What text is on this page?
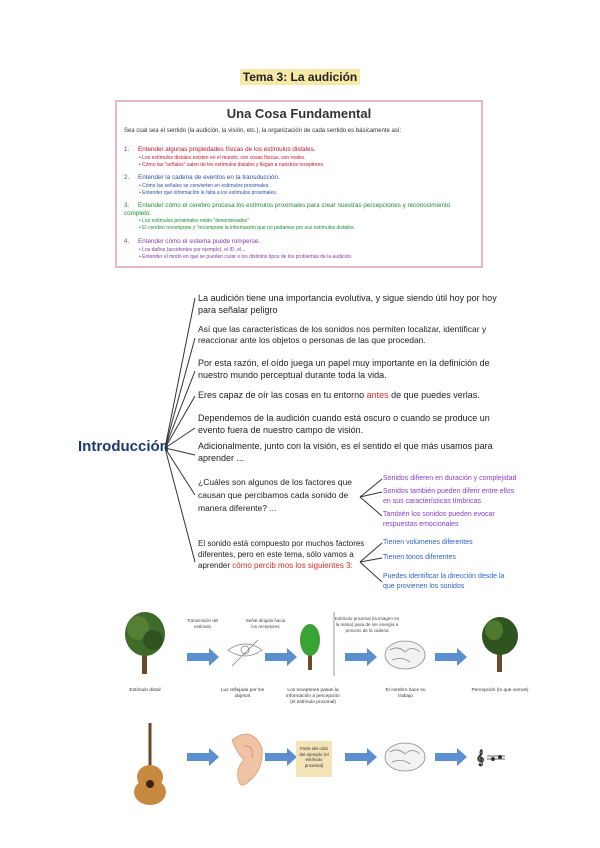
Tema 3: La audición
Una Cosa Fundamental
Sea cual sea el sentido (la audición, la visión, etc.), la organización de cada sentido es básicamente así:
1. Entender algunas propiedades físicas de los estímulos distales.
• Los estímulos distales existen en el mundo, son cosas físicas, son reales.
• Cómo las "señales" salen de los estímulos distales y llegan a nuestros receptores.
2. Entender la cadena de eventos en la transducción.
• Cómo las señales se convierten en estímulos proximales.
• Entender qué información le falta a los estímulos proximales.
3. Entender cómo el cerebro procesa los estímulos proximales para crear nuestras percepciones y reconocimiento completo.
• Los estímulos proximales están "desordenados"
• El cerebro recompone y "recompone la información que no podamos por sus estímulos distales.
4. Entender cómo el sistema puede romperse.
• Los daños (accidentes por ejemplo), el ID, el...
• Entender el modo en que se pueden curar o los distintos tipos de los problemas de la audición.
Introducción
La audición tiene una importancia evolutiva, y sigue siendo útil hoy por hoy para señalar peligro
Así que las características de los sonidos nos permiten localizar, identificar y reaccionar ante los objetos o personas de las que procedan.
Por esta razón, el oído juega un papel muy importante en la definición de nuestro mundo perceptual durante toda la vida.
Eres capaz de oír las cosas en tu entorno antes de que puedes verlas.
Dependemos de la audición cuando está oscuro o cuando se produce un evento fuera de nuestro campo de visión.
Adicionalmente, junto con la visión, es el sentido el que más usamos para aprender ...
¿Cuáles son algunos de los factores que causan que percibamos cada sonido de manera diferente? ...
Sonidos difieren en duración y complejidad
Sonidos también pueden diferir entre ellos en sus características tímbricas
También los sonidos pueden evocar respuestas emocionales
El sonido está compuesto por muchos factores diferentes, pero en este tema, sólo vamos a aprender cómo percib mos los siguientes 3:
Tienen volúmenes diferentes
Tienen tonos diferentes
Puedes identificar la dirección desde la que provienen los sonidos
Transmisión del estímulo
Señal dirigida hacia los receptores
Estímulo proximal (la imagen en la retina) pasa de ser energía a proceso de la cadena
𝄞
Estímulo distal	Luz reflejada por los objetos
Los receptores pasan la información a percepción (el estímulo proximal)
El cerebro hace su trabajo
Percepción (lo que vemos)
Parte del oído del ejemplo (el estímulo proximal)
